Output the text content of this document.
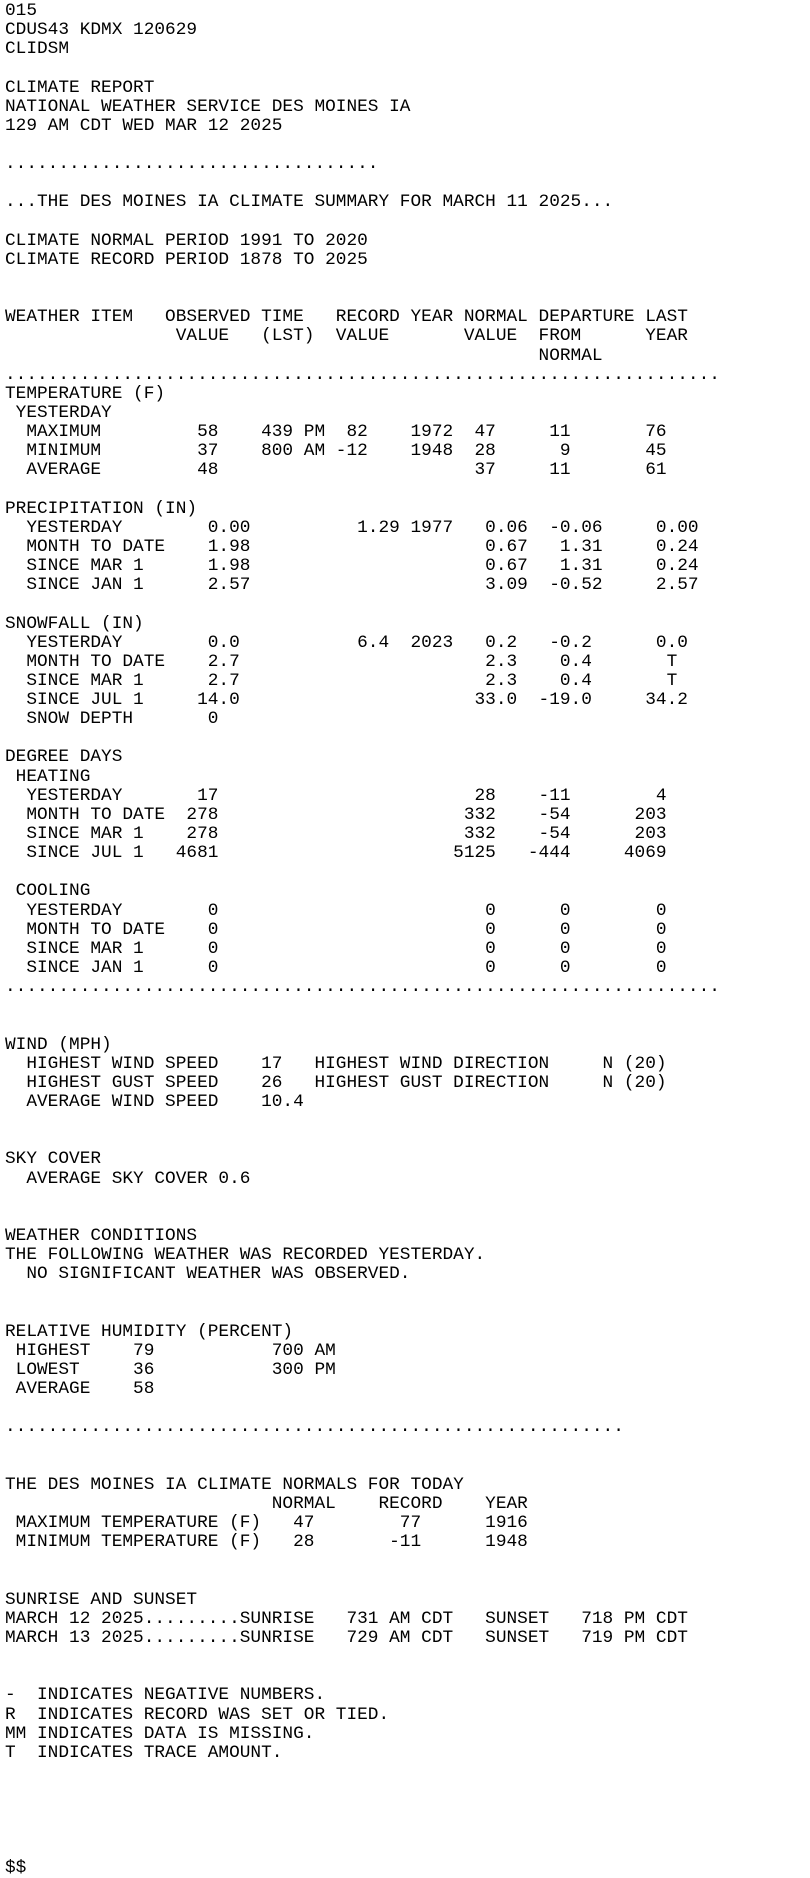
015
CDUS43 KDMX 120629
CLIDSM

CLIMATE REPORT
NATIONAL WEATHER SERVICE DES MOINES IA
129 AM CDT WED MAR 12 2025

...................................

...THE DES MOINES IA CLIMATE SUMMARY FOR MARCH 11 2025...

CLIMATE NORMAL PERIOD 1991 TO 2020
CLIMATE RECORD PERIOD 1878 TO 2025

WEATHER ITEM   OBSERVED TIME   RECORD YEAR NORMAL DEPARTURE LAST
VALUE   (LST)  VALUE       VALUE  FROM      YEAR
NORMAL
...................................................................
TEMPERATURE (F)
YESTERDAY
MAXIMUM         58    439 PM  82    1972  47     11       76
MINIMUM         37    800 AM -12    1948  28      9       45
AVERAGE         48                        37     11       61

PRECIPITATION (IN)
YESTERDAY        0.00          1.29 1977   0.06  -0.06     0.00
MONTH TO DATE    1.98                      0.67   1.31     0.24
SINCE MAR 1      1.98                      0.67   1.31     0.24
SINCE JAN 1      2.57                      3.09  -0.52     2.57

SNOWFALL (IN)
YESTERDAY        0.0           6.4  2023   0.2   -0.2      0.0
MONTH TO DATE    2.7                       2.3    0.4       T
SINCE MAR 1      2.7                       2.3    0.4       T
SINCE JUL 1     14.0                      33.0  -19.0     34.2
SNOW DEPTH       0

DEGREE DAYS
HEATING
YESTERDAY       17                        28    -11        4
MONTH TO DATE  278                       332    -54      203
SINCE MAR 1    278                       332    -54      203
SINCE JUL 1   4681                      5125   -444     4069

COOLING
YESTERDAY        0                         0      0        0
MONTH TO DATE    0                         0      0        0
SINCE MAR 1      0                         0      0        0
SINCE JAN 1      0                         0      0        0
...................................................................

WIND (MPH)
HIGHEST WIND SPEED    17   HIGHEST WIND DIRECTION     N (20)
HIGHEST GUST SPEED    26   HIGHEST GUST DIRECTION     N (20)
AVERAGE WIND SPEED    10.4

SKY COVER
AVERAGE SKY COVER 0.6

WEATHER CONDITIONS
THE FOLLOWING WEATHER WAS RECORDED YESTERDAY.
NO SIGNIFICANT WEATHER WAS OBSERVED.

RELATIVE HUMIDITY (PERCENT)
HIGHEST    79           700 AM
LOWEST     36           300 PM
AVERAGE    58

..........................................................

THE DES MOINES IA CLIMATE NORMALS FOR TODAY
NORMAL    RECORD    YEAR
MAXIMUM TEMPERATURE (F)   47        77      1916
MINIMUM TEMPERATURE (F)   28       -11      1948

SUNRISE AND SUNSET
MARCH 12 2025.........SUNRISE   731 AM CDT   SUNSET   718 PM CDT
MARCH 13 2025.........SUNRISE   729 AM CDT   SUNSET   719 PM CDT

-  INDICATES NEGATIVE NUMBERS.
R  INDICATES RECORD WAS SET OR TIED.
MM INDICATES DATA IS MISSING.
T  INDICATES TRACE AMOUNT.

$$
